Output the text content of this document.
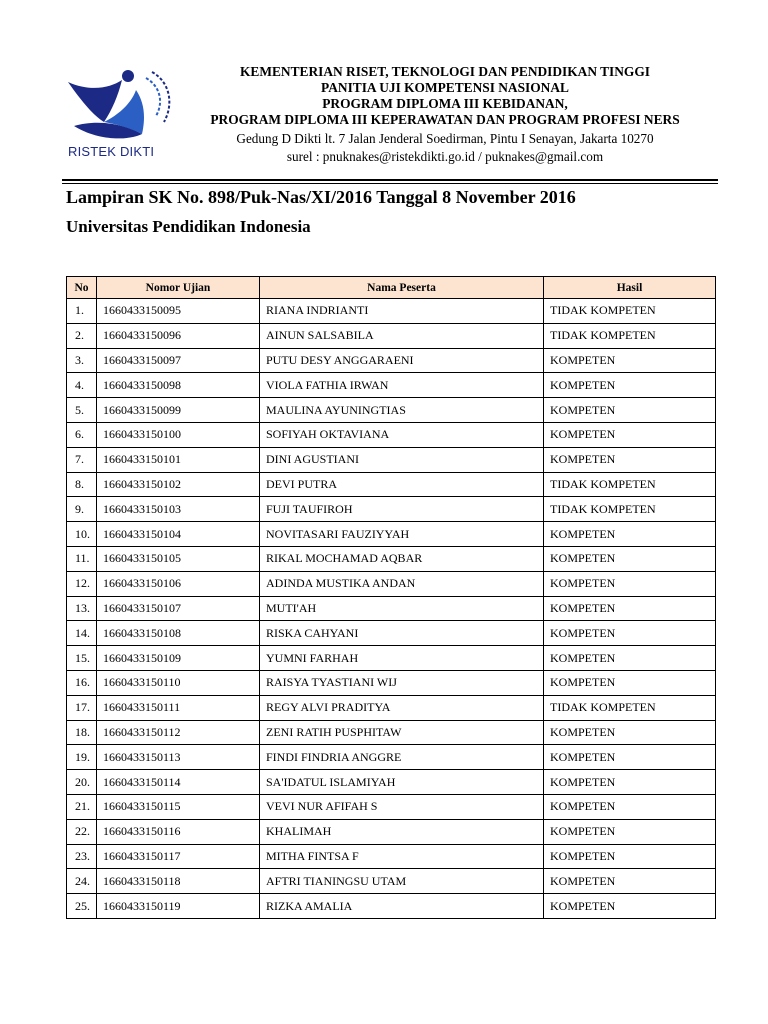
RISTEK DIKTI
KEMENTERIAN RISET, TEKNOLOGI DAN PENDIDIKAN TINGGI
PANITIA UJI KOMPETENSI NASIONAL
PROGRAM DIPLOMA III KEBIDANAN,
PROGRAM DIPLOMA III KEPERAWATAN DAN PROGRAM PROFESI NERS
Gedung D Dikti lt. 7 Jalan Jenderal Soedirman, Pintu I Senayan, Jakarta 10270
surel : pnuknakes@ristekdikti.go.id / puknakes@gmail.com
Lampiran SK No. 898/Puk-Nas/XI/2016 Tanggal 8 November 2016
Universitas Pendidikan Indonesia
No	Nomor Ujian	Nama Peserta	Hasil
1.	1660433150095	RIANA INDRIANTI	TIDAK KOMPETEN
2.	1660433150096	AINUN SALSABILA	TIDAK KOMPETEN
3.	1660433150097	PUTU DESY ANGGARAENI	KOMPETEN
4.	1660433150098	VIOLA FATHIA IRWAN	KOMPETEN
5.	1660433150099	MAULINA AYUNINGTIAS	KOMPETEN
6.	1660433150100	SOFIYAH OKTAVIANA	KOMPETEN
7.	1660433150101	DINI AGUSTIANI	KOMPETEN
8.	1660433150102	DEVI PUTRA	TIDAK KOMPETEN
9.	1660433150103	FUJI TAUFIROH	TIDAK KOMPETEN
10.	1660433150104	NOVITASARI FAUZIYYAH	KOMPETEN
11.	1660433150105	RIKAL MOCHAMAD AQBAR	KOMPETEN
12.	1660433150106	ADINDA MUSTIKA ANDAN	KOMPETEN
13.	1660433150107	MUTI'AH	KOMPETEN
14.	1660433150108	RISKA CAHYANI	KOMPETEN
15.	1660433150109	YUMNI FARHAH	KOMPETEN
16.	1660433150110	RAISYA TYASTIANI WIJ	KOMPETEN
17.	1660433150111	REGY ALVI PRADITYA	TIDAK KOMPETEN
18.	1660433150112	ZENI RATIH PUSPHITAW	KOMPETEN
19.	1660433150113	FINDI FINDRIA ANGGRE	KOMPETEN
20.	1660433150114	SA'IDATUL ISLAMIYAH	KOMPETEN
21.	1660433150115	VEVI NUR AFIFAH S	KOMPETEN
22.	1660433150116	KHALIMAH	KOMPETEN
23.	1660433150117	MITHA FINTSA F	KOMPETEN
24.	1660433150118	AFTRI TIANINGSU UTAM	KOMPETEN
25.	1660433150119	RIZKA AMALIA	KOMPETEN
